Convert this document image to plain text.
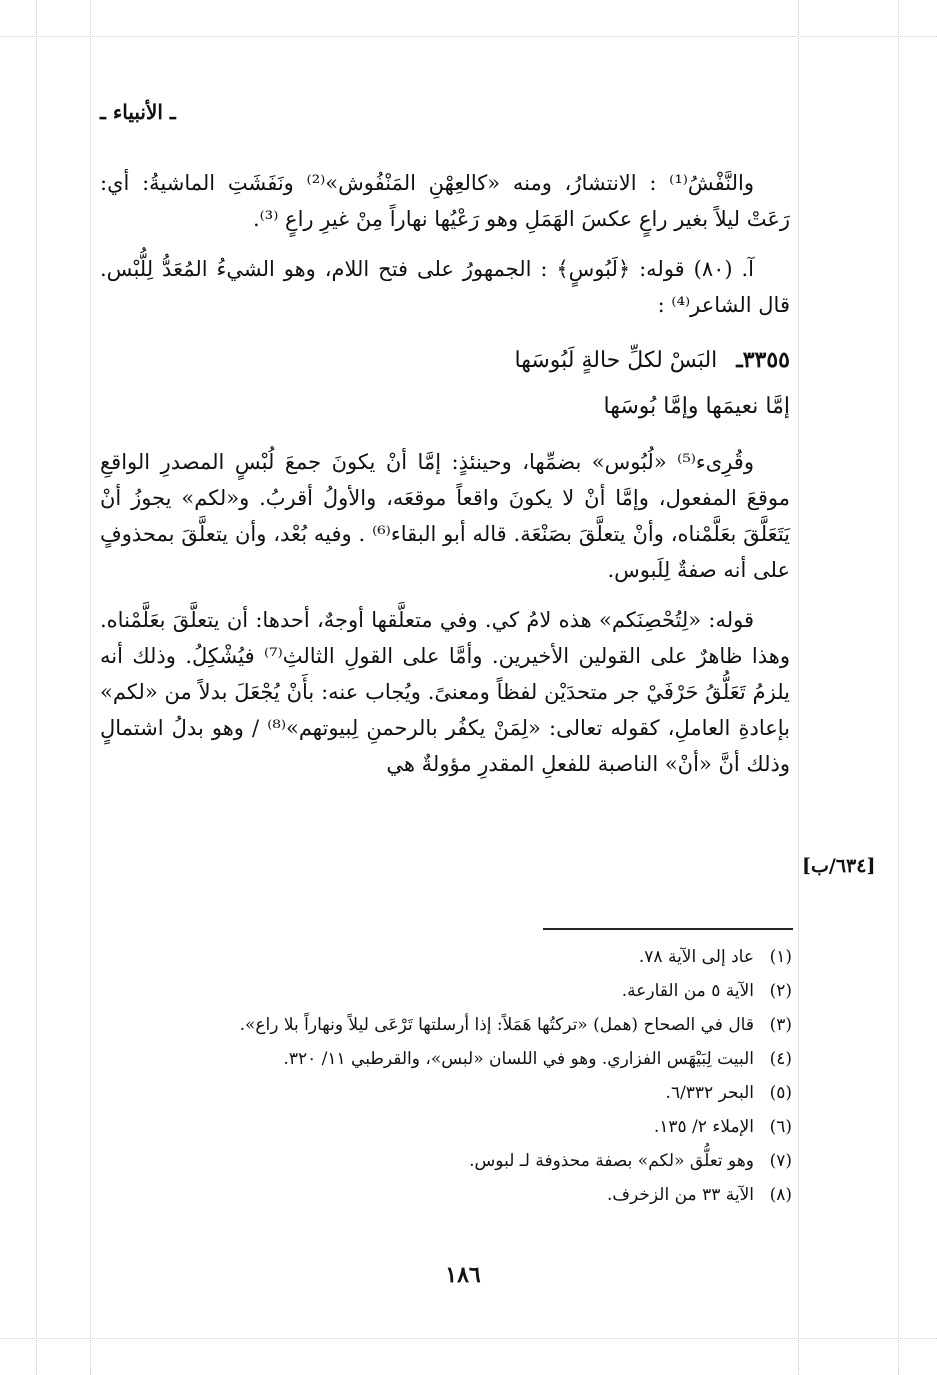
ـ الأنبياء ـ

والنَّفْشُ⁽¹⁾ : الانتشارُ، ومنه «كالعِهْنِ المَنْفُوش»⁽²⁾ ونَفَشَتِ الماشيةُ: أي: رَعَتْ ليلاً بغير راعٍ عكسَ الهَمَلِ وهو رَعْيُها نهاراً مِنْ غيرِ راعٍ ⁽³⁾.

آ. (٨٠) قوله: ﴿لَبُوسٍ﴾ : الجمهورُ على فتح اللام، وهو الشيءُ المُعَدُّ لِلُّبْس. قال الشاعر⁽⁴⁾ :

٣٣٥٥ـ البَسْ لكلِّ حالةٍ لَبُوسَها
إمَّا نعيمَها وإمَّا بُوسَها

وقُرِىء⁽⁵⁾ «لُبُوس» بضمِّها، وحينئذٍ: إمَّا أنْ يكونَ جمعَ لُبْسٍ المصدرِ الواقعِ موقعَ المفعول، وإمَّا أنْ لا يكونَ واقعاً موقعَه، والأولُ أقربُ. و«لكم» يجوزُ أنْ يَتَعَلَّقَ بعَلَّمْناه، وأنْ يتعلَّقَ بصَنْعَة. قاله أبو البقاء⁽⁶⁾ . وفيه بُعْد، وأن يتعلَّقَ بمحذوفٍ على أنه صفةٌ لِلَبوس.

قوله: «لِتُحْصِنَكم» هذه لامُ كي. وفي متعلَّقها أوجهٌ، أحدها: أن يتعلَّقَ بعَلَّمْناه. وهذا ظاهرٌ على القولين الأخيرين. وأمَّا على القولِ الثالثِ⁽⁷⁾ فيُشْكِلُ. وذلك أنه يلزمُ تَعَلُّقُ حَرْفَيْ جر متحدَيْن لفظاً ومعنىً. ويُجاب عنه: بأَنْ يُجْعَلَ بدلاً من «لكم» بإعادةِ العاملِ، كقوله تعالى: «لِمَنْ يكفُر بالرحمنِ لِبيوتهم»⁽⁸⁾ / وهو بدلُ اشتمالٍ وذلك أنَّ «أنْ» الناصبة للفعلِ المقدرِ مؤولةٌ هي

[٦٣٤/ب]
(١)
عاد إلى الآية ٧٨.
(٢)
الآية ٥ من القارعة.
(٣)
قال في الصحاح (همل) «تركتُها هَمَلاً: إذا أرسلتها تَرْعَى ليلاً ونهاراً بلا راع».
(٤)
البيت لِبَيْهَس الفزاري. وهو في اللسان «لبس»، والقرطبي ١١/ ٣٢٠.
(٥)
البحر ٦/٣٣٢.
(٦)
الإملاء ٢/ ١٣٥.
(٧)
وهو تعلُّق «لكم» بصفة محذوفة لـ لبوس.
(٨)
الآية ٣٣ من الزخرف.
١٨٦
